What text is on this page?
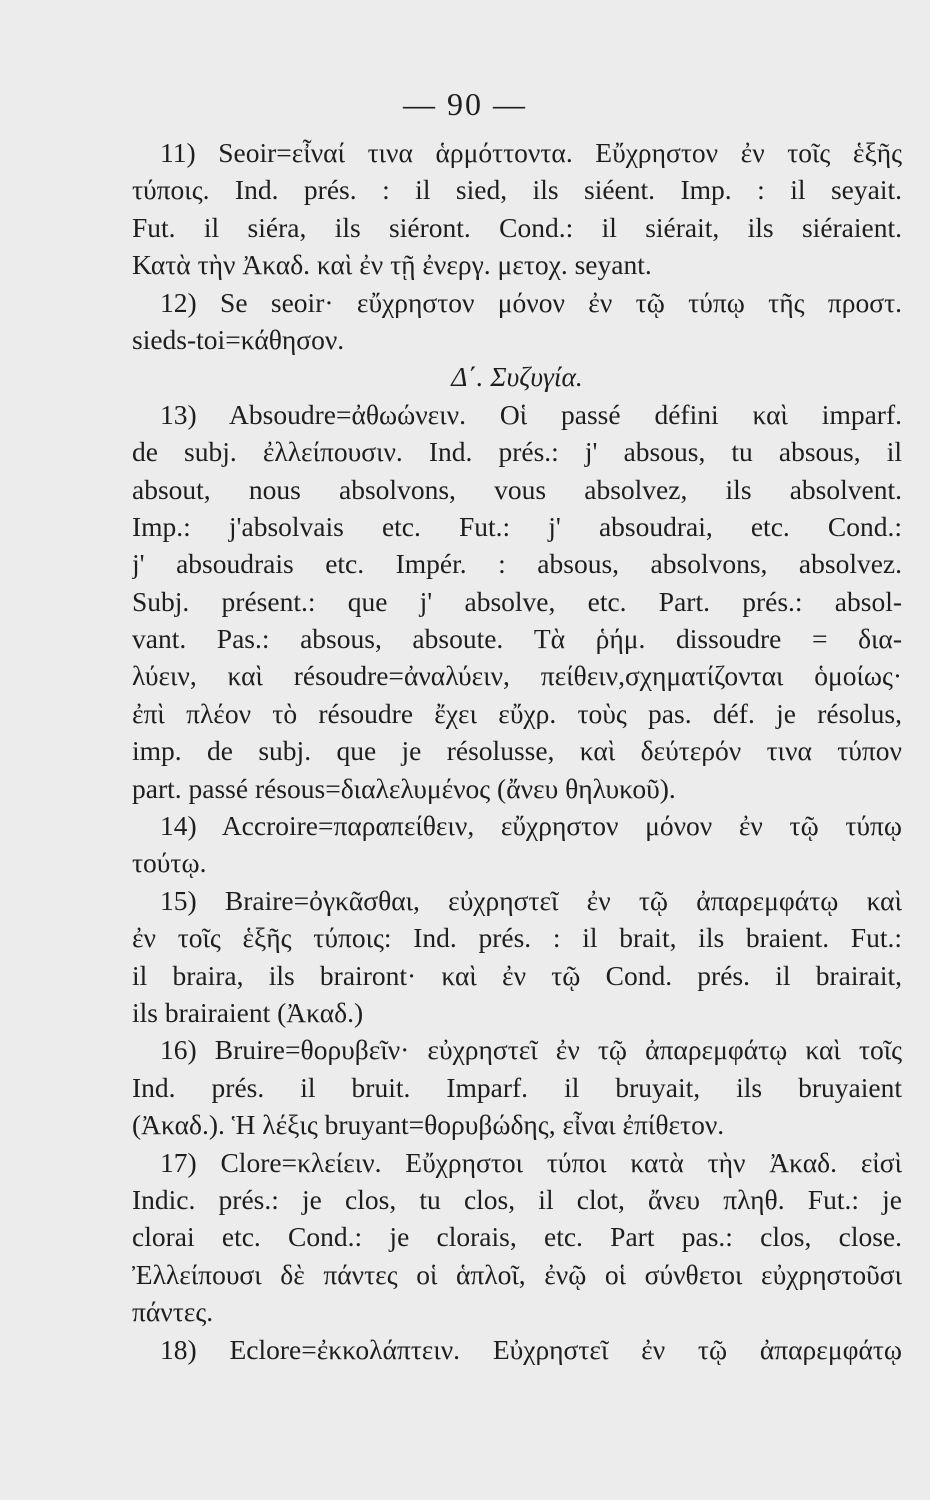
— 90 —
11) Seoir=εἶναί τινα ἁρμόττοντα. Εὔχρηστον ἐν τοῖς ἑξῆς
τύποις. Ind. prés. : il sied, ils siéent. Imp. : il seyait.
Fut. il siéra, ils siéront. Cond.: il siérait, ils siéraient.
Κατὰ τὴν Ἀκαδ. καὶ ἐν τῇ ἐνεργ. μετοχ. seyant.
12) Se seoir· εὔχρηστον μόνον ἐν τῷ τύπῳ τῆς προστ.
sieds-toi=κάθησον.
Δ΄. Συζυγία.
13) Absoudre=ἀθωώνειν. Οἱ passé défini καὶ imparf.
de subj. ἐλλείπουσιν. Ind. prés.: j' absous, tu absous, il
absout, nous absolvons, vous absolvez, ils absolvent.
Imp.: j'absolvais etc. Fut.: j' absoudrai, etc. Cond.:
j' absoudrais etc. Impér. : absous, absolvons, absolvez.
Subj. présent.: que j' absolve, etc. Part. prés.: absol-
vant. Pas.: absous, absoute. Τὰ ῥήμ. dissoudre = δια-
λύειν, καὶ résoudre=ἀναλύειν, πείθειν,σχηματίζονται ὁμοίως·
ἐπὶ πλέον τὸ résoudre ἔχει εὔχρ. τοὺς pas. déf. je résolus,
imp. de subj. que je résolusse, καὶ δεύτερόν τινα τύπον
part. passé résous=διαλελυμένος (ἄνευ θηλυκοῦ).
14) Accroire=παραπείθειν, εὔχρηστον μόνον ἐν τῷ τύπῳ
τούτῳ.
15) Braire=ὀγκᾶσθαι, εὐχρηστεῖ ἐν τῷ ἀπαρεμφάτῳ καὶ
ἐν τοῖς ἑξῆς τύποις: Ind. prés. : il brait, ils braient. Fut.:
il braira, ils brairont· καὶ ἐν τῷ Cond. prés. il brairait,
ils brairaient (Ἀκαδ.)
16) Bruire=θορυβεῖν· εὐχρηστεῖ ἐν τῷ ἀπαρεμφάτῳ καὶ τοῖς
Ind. prés. il bruit. Imparf. il bruyait, ils bruyaient
(Ἀκαδ.). Ἡ λέξις bruyant=θορυβώδης, εἶναι ἐπίθετον.
17) Clore=κλείειν. Εὔχρηστοι τύποι κατὰ τὴν Ἀκαδ. εἰσὶ
Indic. prés.: je clos, tu clos, il clot, ἄνευ πληθ. Fut.: je
clorai etc. Cond.: je clorais, etc. Part pas.: clos, close.
Ἐλλείπουσι δὲ πάντες οἱ ἁπλοῖ, ἐνῷ οἱ σύνθετοι εὐχρηστοῦσι
πάντες.
18) Eclore=ἐκκολάπτειν. Εὐχρηστεῖ ἐν τῷ ἀπαρεμφάτῳ
